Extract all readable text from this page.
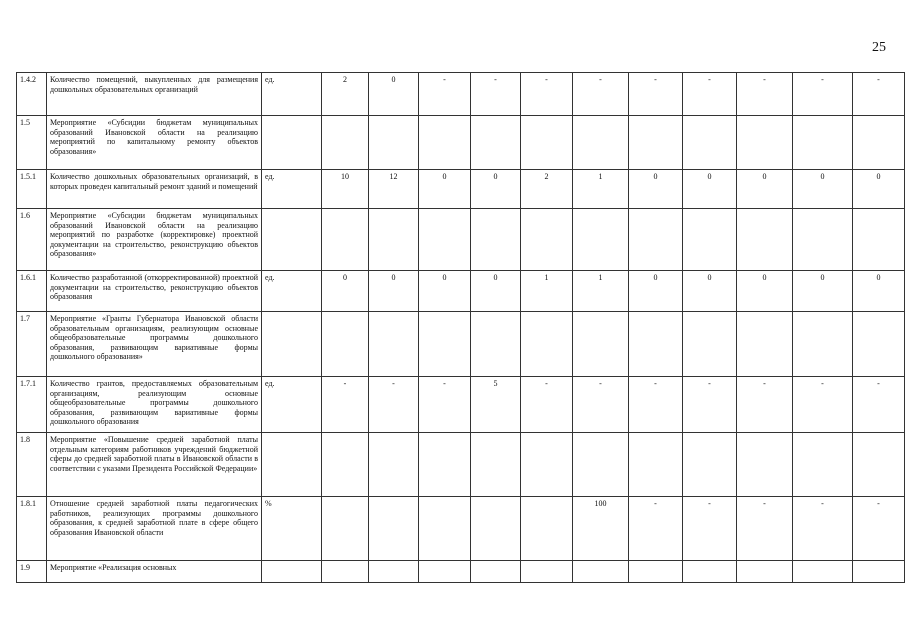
25
1.4.2	Количество помещений, выкупленных для размещения дошкольных образовательных организаций	ед.	2	0	-	-	-	-	-	-	-	-	-
1.5	Мероприятие «Субсидии бюджетам муниципальных образований Ивановской области на реализацию мероприятий по капитальному ремонту объектов образования»												
1.5.1	Количество дошкольных образовательных организаций, в которых проведен капитальный ремонт зданий и помещений	ед.	10	12	0	0	2	1	0	0	0	0	0
1.6	Мероприятие «Субсидии бюджетам муниципальных образований Ивановской области на реализацию мероприятий по разработке (корректировке) проектной документации на строительство, реконструкцию объектов образования»												
1.6.1	Количество разработанной (откорректированной) проектной документации на строительство, реконструкцию объектов образования	ед.	0	0	0	0	1	1	0	0	0	0	0
1.7	Мероприятие «Гранты Губернатора Ивановской области образовательным организациям, реализующим основные общеобразовательные программы дошкольного образования, развивающим вариативные формы дошкольного образования»												
1.7.1	Количество грантов, предоставляемых образовательным организациям, реализующим основные общеобразовательные программы дошкольного образования, развивающим вариативные формы дошкольного образования	ед.	-	-	-	5	-	-	-	-	-	-	-
1.8	Мероприятие «Повышение средней заработной платы отдельным категориям работников учреждений бюджетной сферы до средней заработной платы в Ивановской области в соответствии с указами Президента Российской Федерации»												
1.8.1	Отношение средней заработной платы педагогических работников, реализующих программы дошкольного образования, к средней заработной плате в сфере общего образования Ивановской области	%						100	-	-	-	-	-
1.9	Мероприятие «Реализация основных												
